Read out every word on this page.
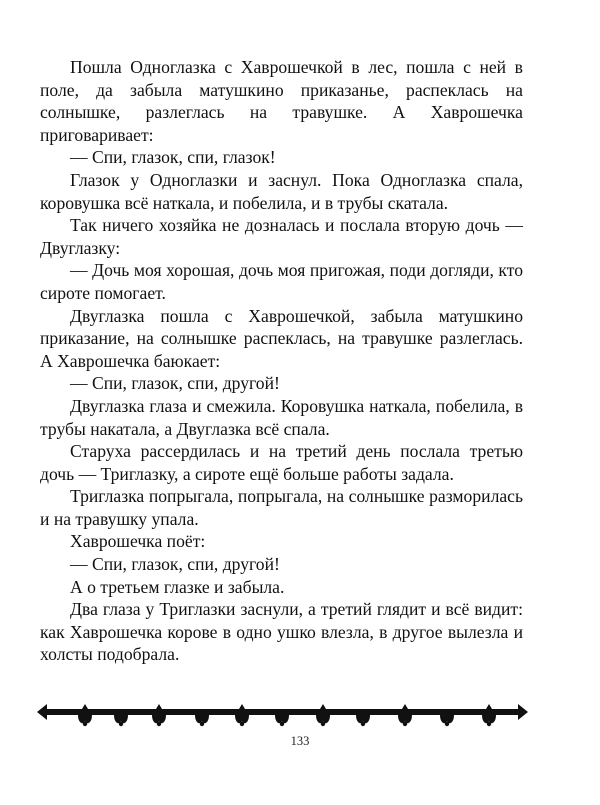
Пошла Одноглазка с Хаврошечкой в лес, пошла с ней в поле, да забыла матушкино приказанье, распеклась на солнышке, разлеглась на травушке. А Хаврошечка приговаривает:

— Спи, глазок, спи, глазок!

Глазок у Одноглазки и заснул. Пока Одноглазка спала, коровушка всё наткала, и побелила, и в трубы скатала.

Так ничего хозяйка не дозналась и послала вторую дочь — Двуглазку:

— Дочь моя хорошая, дочь моя пригожая, поди догляди, кто сироте помогает.

Двуглазка пошла с Хаврошечкой, забыла матушкино приказание, на солнышке распеклась, на травушке разлеглась. А Хаврошечка баюкает:

— Спи, глазок, спи, другой!

Двуглазка глаза и смежила. Коровушка наткала, побелила, в трубы накатала, а Двуглазка всё спала.

Старуха рассердилась и на третий день послала третью дочь — Триглазку, а сироте ещё больше работы задала.

Триглазка попрыгала, попрыгала, на солнышке разморилась и на травушку упала.

Хаврошечка поёт:

— Спи, глазок, спи, другой!

А о третьем глазке и забыла.

Два глаза у Триглазки заснули, а третий глядит и всё видит: как Хаврошечка корове в одно ушко влезла, в другое вылезла и холсты подобрала.

133
